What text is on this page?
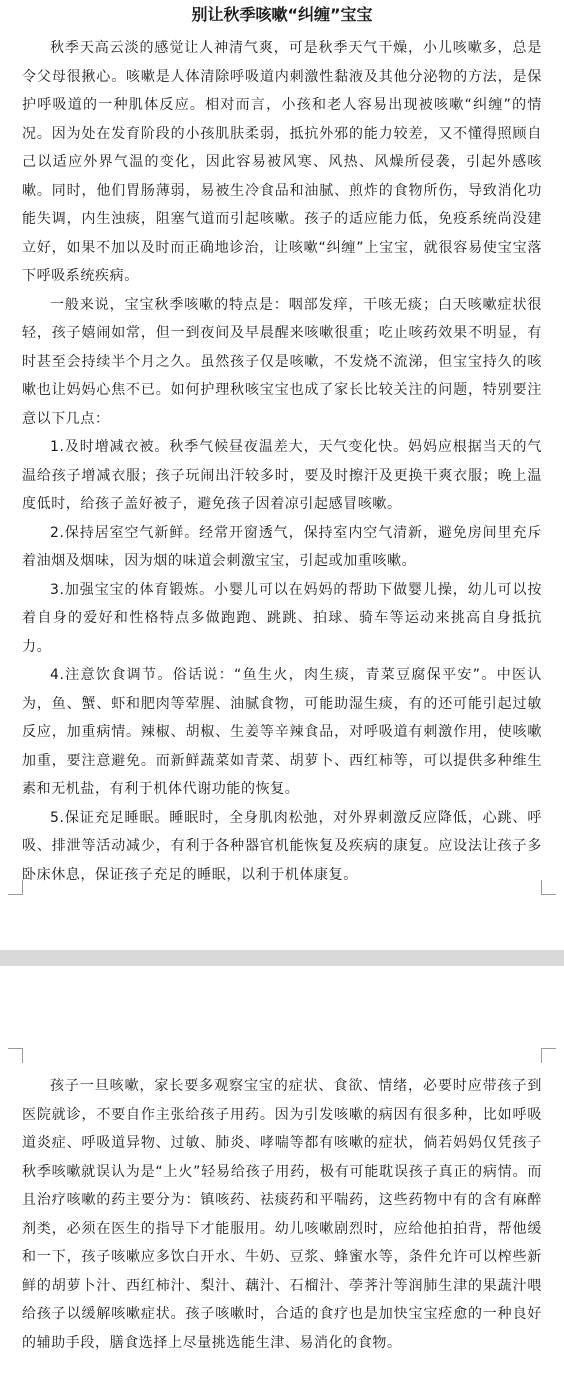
别让秋季咳嗽“纠缠”宝宝

秋季天高云淡的感觉让人神清气爽，可是秋季天气干燥，小儿咳嗽多，总是令父母很揪心。咳嗽是人体清除呼吸道内刺激性黏液及其他分泌物的方法，是保护呼吸道的一种肌体反应。相对而言，小孩和老人容易出现被咳嗽“纠缠”的情况。因为处在发育阶段的小孩肌肤柔弱，抵抗外邪的能力较差，又不懂得照顾自己以适应外界气温的变化，因此容易被风寒、风热、风燥所侵袭，引起外感咳嗽。同时，他们胃肠薄弱，易被生冷食品和油腻、煎炸的食物所伤，导致消化功能失调，内生浊痰，阻塞气道而引起咳嗽。孩子的适应能力低，免疫系统尚没建立好，如果不加以及时而正确地诊治，让咳嗽“纠缠”上宝宝，就很容易使宝宝落下呼吸系统疾病。

一般来说，宝宝秋季咳嗽的特点是：咽部发痒，干咳无痰；白天咳嗽症状很轻，孩子嬉闹如常，但一到夜间及早晨醒来咳嗽很重；吃止咳药效果不明显，有时甚至会持续半个月之久。虽然孩子仅是咳嗽，不发烧不流涕，但宝宝持久的咳嗽也让妈妈心焦不已。如何护理秋咳宝宝也成了家长比较关注的问题，特别要注意以下几点：

1.及时增减衣被。秋季气候昼夜温差大，天气变化快。妈妈应根据当天的气温给孩子增减衣服；孩子玩闹出汗较多时，要及时擦汗及更换干爽衣服；晚上温度低时，给孩子盖好被子，避免孩子因着凉引起感冒咳嗽。

2.保持居室空气新鲜。经常开窗透气，保持室内空气清新，避免房间里充斥着油烟及烟味，因为烟的味道会刺激宝宝，引起或加重咳嗽。

3.加强宝宝的体育锻炼。小婴儿可以在妈妈的帮助下做婴儿操，幼儿可以按着自身的爱好和性格特点多做跑跑、跳跳、拍球、骑车等运动来挑高自身抵抗力。

4.注意饮食调节。俗话说：“鱼生火，肉生痰，青菜豆腐保平安”。中医认为，鱼、蟹、虾和肥肉等荤腥、油腻食物，可能助湿生痰，有的还可能引起过敏反应，加重病情。辣椒、胡椒、生姜等辛辣食品，对呼吸道有刺激作用，使咳嗽加重，要注意避免。而新鲜蔬菜如青菜、胡萝卜、西红柿等，可以提供多种维生素和无机盐，有利于机体代谢功能的恢复。

5.保证充足睡眠。睡眠时，全身肌肉松弛，对外界刺激反应降低，心跳、呼吸、排泄等活动减少，有利于各种器官机能恢复及疾病的康复。应设法让孩子多卧床休息，保证孩子充足的睡眠，以利于机体康复。

孩子一旦咳嗽，家长要多观察宝宝的症状、食欲、情绪，必要时应带孩子到医院就诊，不要自作主张给孩子用药。因为引发咳嗽的病因有很多种，比如呼吸道炎症、呼吸道异物、过敏、肺炎、哮喘等都有咳嗽的症状，倘若妈妈仅凭孩子秋季咳嗽就误认为是“上火”轻易给孩子用药，极有可能耽误孩子真正的病情。而且治疗咳嗽的药主要分为：镇咳药、祛痰药和平喘药，这些药物中有的含有麻醉剂类，必须在医生的指导下才能服用。幼儿咳嗽剧烈时，应给他拍拍背，帮他缓和一下，孩子咳嗽应多饮白开水、牛奶、豆浆、蜂蜜水等，条件允许可以榨些新鲜的胡萝卜汁、西红柿汁、梨汁、藕汁、石榴汁、荸荠汁等润肺生津的果蔬汁喂给孩子以缓解咳嗽症状。孩子咳嗽时，合适的食疗也是加快宝宝痊愈的一种良好的辅助手段，膳食选择上尽量挑选能生津、易消化的食物。
